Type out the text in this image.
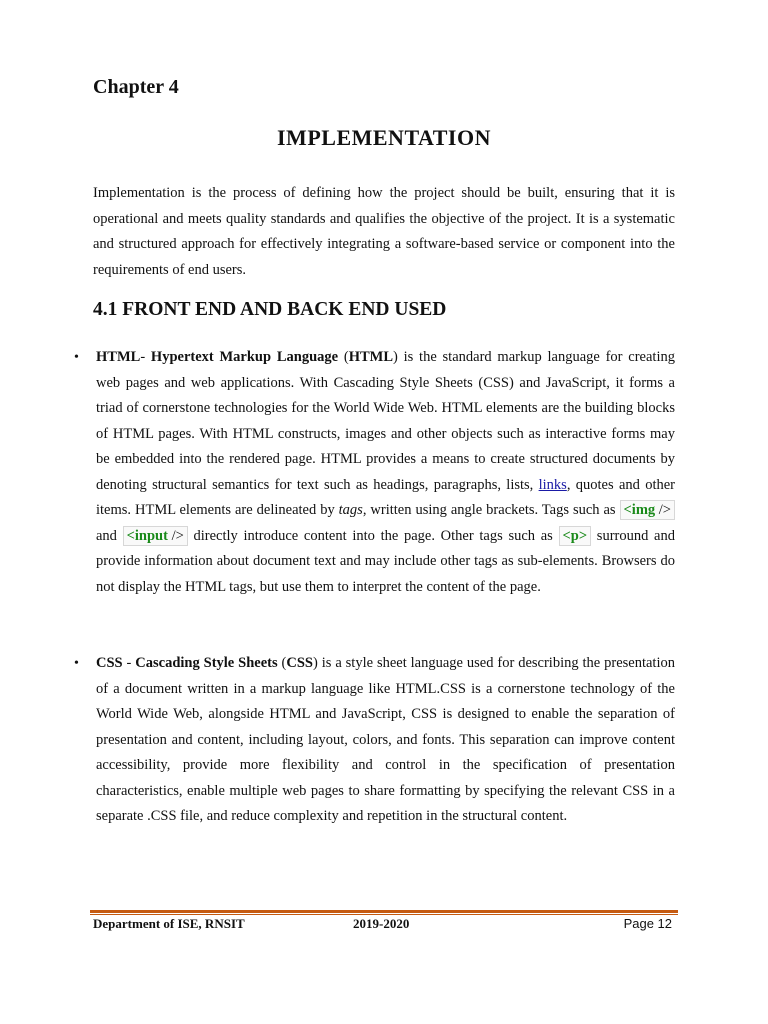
Chapter 4
IMPLEMENTATION

Implementation is the process of defining how the project should be built, ensuring that it is operational and meets quality standards and qualifies the objective of the project. It is a systematic and structured approach for effectively integrating a software-based service or component into the requirements of end users.

4.1 FRONT END AND BACK END USED
• HTML- Hypertext Markup Language (HTML) is the standard markup language for creating web pages and web applications. With Cascading Style Sheets (CSS) and JavaScript, it forms a triad of cornerstone technologies for the World Wide Web. HTML elements are the building blocks of HTML pages. With HTML constructs, images and other objects such as interactive forms may be embedded into the rendered page. HTML provides a means to create structured documents by denoting structural semantics for text such as headings, paragraphs, lists, links, quotes and other items. HTML elements are delineated by tags, written using angle brackets. Tags such as <img /> and <input /> directly introduce content into the page. Other tags such as <p> surround and provide information about document text and may include other tags as sub-elements. Browsers do not display the HTML tags, but use them to interpret the content of the page.

• CSS - Cascading Style Sheets (CSS) is a style sheet language used for describing the presentation of a document written in a markup language like HTML.CSS is a cornerstone technology of the World Wide Web, alongside HTML and JavaScript, CSS is designed to enable the separation of presentation and content, including layout, colors, and fonts. This separation can improve content accessibility, provide more flexibility and control in the specification of presentation characteristics, enable multiple web pages to share formatting by specifying the relevant CSS in a separate .CSS file, and reduce complexity and repetition in the structural content.

Department of ISE, RNSIT	2019-2020	Page 12
